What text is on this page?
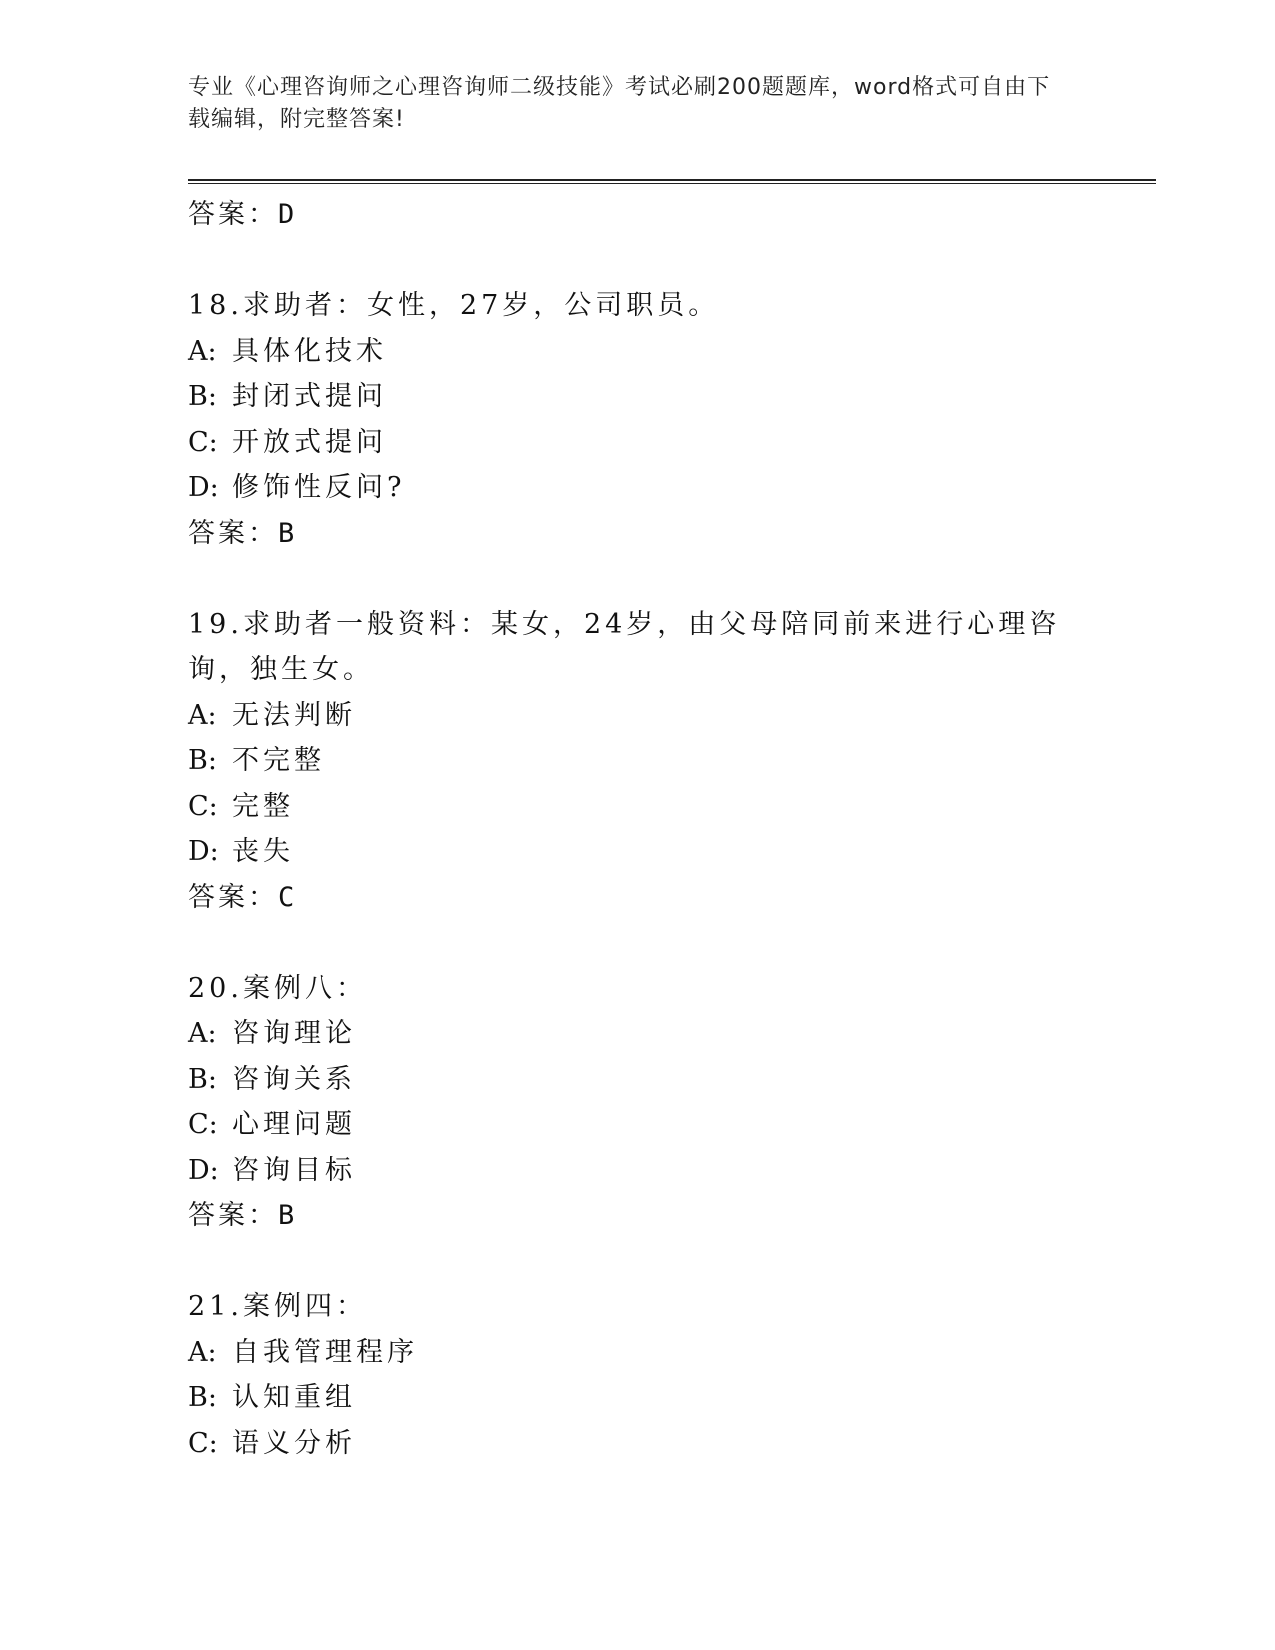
专业《心理咨询师之心理咨询师二级技能》考试必刷200题题库，word格式可自由下载编辑，附完整答案!
答案：D
18.求助者：女性，27岁，公司职员。
A: 具体化技术
B: 封闭式提问
C: 开放式提问
D: 修饰性反问?
答案：B
19.求助者一般资料：某女，24岁，由父母陪同前来进行心理咨询，独生女。
A: 无法判断
B: 不完整
C: 完整
D: 丧失
答案：C
20.案例八：
A: 咨询理论
B: 咨询关系
C: 心理问题
D: 咨询目标
答案：B
21.案例四：
A: 自我管理程序
B: 认知重组
C: 语义分析
